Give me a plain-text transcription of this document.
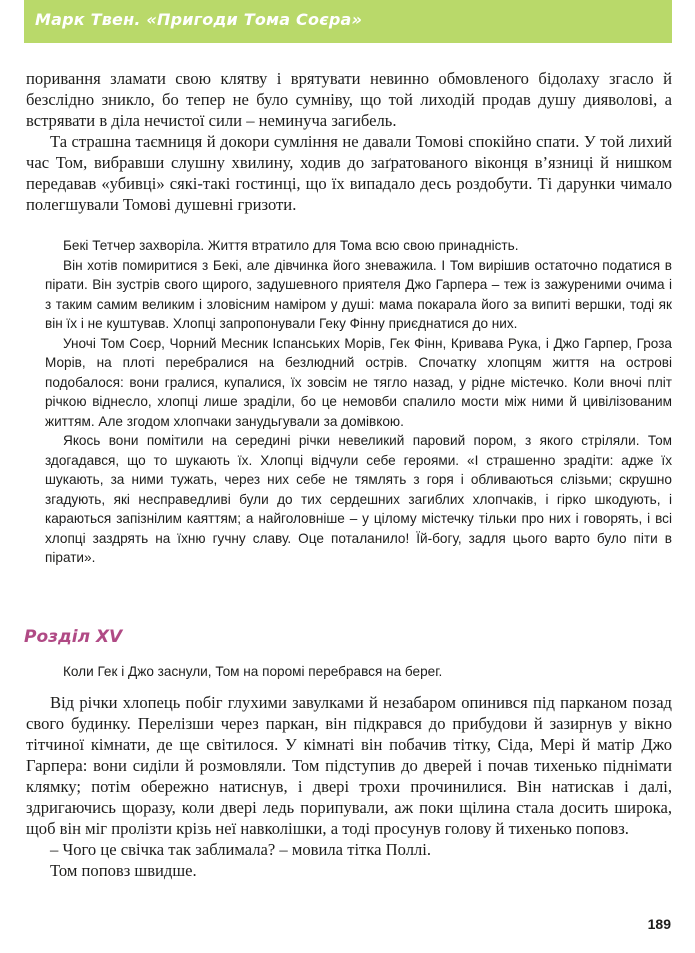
Марк Твен. «Пригоди Тома Соєра»

поривання зламати свою клятву і врятувати невинно обмовленого бідолаху згасло й безслідно зникло, бо тепер не було сумніву, що той лиходій продав душу дияволові, а встрявати в діла нечистої сили – неминуча загибель.

Та страшна таємниця й докори сумління не давали Томові спокійно спати. У той лихий час Том, вибравши слушну хвилину, ходив до заґратованого віконця в’язниці й нишком передавав «убивці» сякі-такі гостинці, що їх випадало десь роздобути. Ті дарунки чимало полегшували Томові душевні гризоти.

Бекі Тетчер захворіла. Життя втратило для Тома всю свою принадність.

Він хотів помиритися з Бекі, але дівчинка його зневажила. І Том вирішив остаточно податися в пірати. Він зустрів свого щирого, задушевного приятеля Джо Гарпера – теж із зажуреними очима і з таким самим великим і зловісним наміром у душі: мама покарала його за випиті вершки, тоді як він їх і не куштував. Хлопці запропонували Геку Фінну приєднатися до них.

Уночі Том Соєр, Чорний Месник Іспанських Морів, Гек Фінн, Кривава Рука, і Джо Гарпер, Гроза Морів, на плоті перебралися на безлюдний острів. Спочатку хлопцям життя на острові подобалося: вони гралися, купалися, їх зовсім не тягло назад, у рідне містечко. Коли вночі пліт річкою віднесло, хлопці лише зраділи, бо це немовби спалило мости між ними й цивілізованим життям. Але згодом хлопчаки занудьгували за домівкою.

Якось вони помітили на середині річки невеликий паровий пором, з якого стріляли. Том здогадався, що то шукають їх. Хлопці відчули себе героями. «І страшенно зрадіти: адже їх шукають, за ними тужать, через них себе не тямлять з горя і обливаються слізьми; скрушно згадують, які несправедливі були до тих сердешних загиблих хлопчаків, і гірко шкодують, і караються запізнілим каяттям; а найголовніше – у цілому містечку тільки про них і говорять, і всі хлопці заздрять на їхню гучну славу. Оце поталанило! Їй-богу, задля цього варто було піти в пірати».

Розділ XV
Коли Гек і Джо заснули, Том на поромі перебрався на берег.

Від річки хлопець побіг глухими завулками й незабаром опинився під парканом позад свого будинку. Перелізши через паркан, він підкрався до прибудови й зазирнув у вікно тітчиної кімнати, де ще світилося. У кімнаті він побачив тітку, Сіда, Мері й матір Джо Гарпера: вони сиділи й розмовляли. Том підступив до дверей і почав тихенько піднімати клямку; потім обережно натиснув, і двері трохи прочинилися. Він натискав і далі, здригаючись щоразу, коли двері ледь порипували, аж поки щілина стала досить широка, щоб він міг пролізти крізь неї навколішки, а тоді просунув голову й тихенько поповз.

– Чого це свічка так заблимала? – мовила тітка Поллі.

Том поповз швидше.

189
